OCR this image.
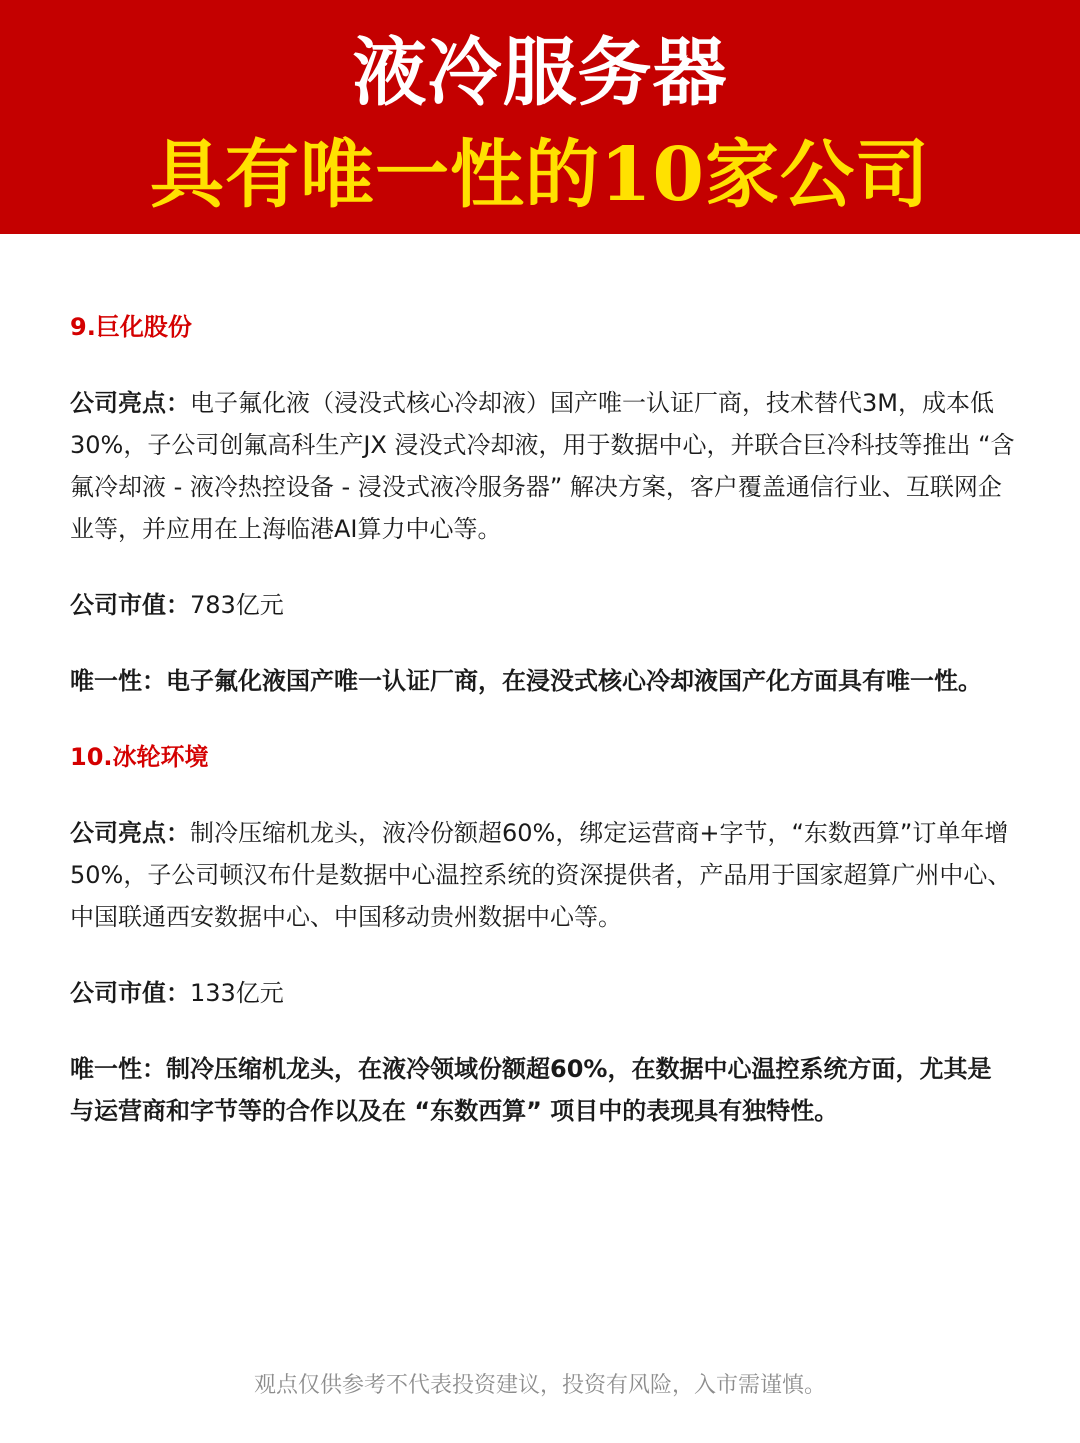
液冷服务器
具有唯一性的10家公司

9.巨化股份

公司亮点：电子氟化液（浸没式核心冷却液）国产唯一认证厂商，技术替代3M，成本低30%，子公司创氟高科生产JX 浸没式冷却液，用于数据中心，并联合巨冷科技等推出 “含氟冷却液 - 液冷热控设备 - 浸没式液冷服务器” 解决方案，客户覆盖通信行业、互联网企业等，并应用在上海临港AI算力中心等。

公司市值：783亿元

唯一性：电子氟化液国产唯一认证厂商，在浸没式核心冷却液国产化方面具有唯一性。

10.冰轮环境

公司亮点：制冷压缩机龙头，液冷份额超60%，绑定运营商+字节，“东数西算”订单年增50%，子公司顿汉布什是数据中心温控系统的资深提供者，产品用于国家超算广州中心、中国联通西安数据中心、中国移动贵州数据中心等。

公司市值：133亿元

唯一性：制冷压缩机龙头，在液冷领域份额超60%，在数据中心温控系统方面，尤其是与运营商和字节等的合作以及在 “东数西算” 项目中的表现具有独特性。

观点仅供参考不代表投资建议，投资有风险，入市需谨慎。
